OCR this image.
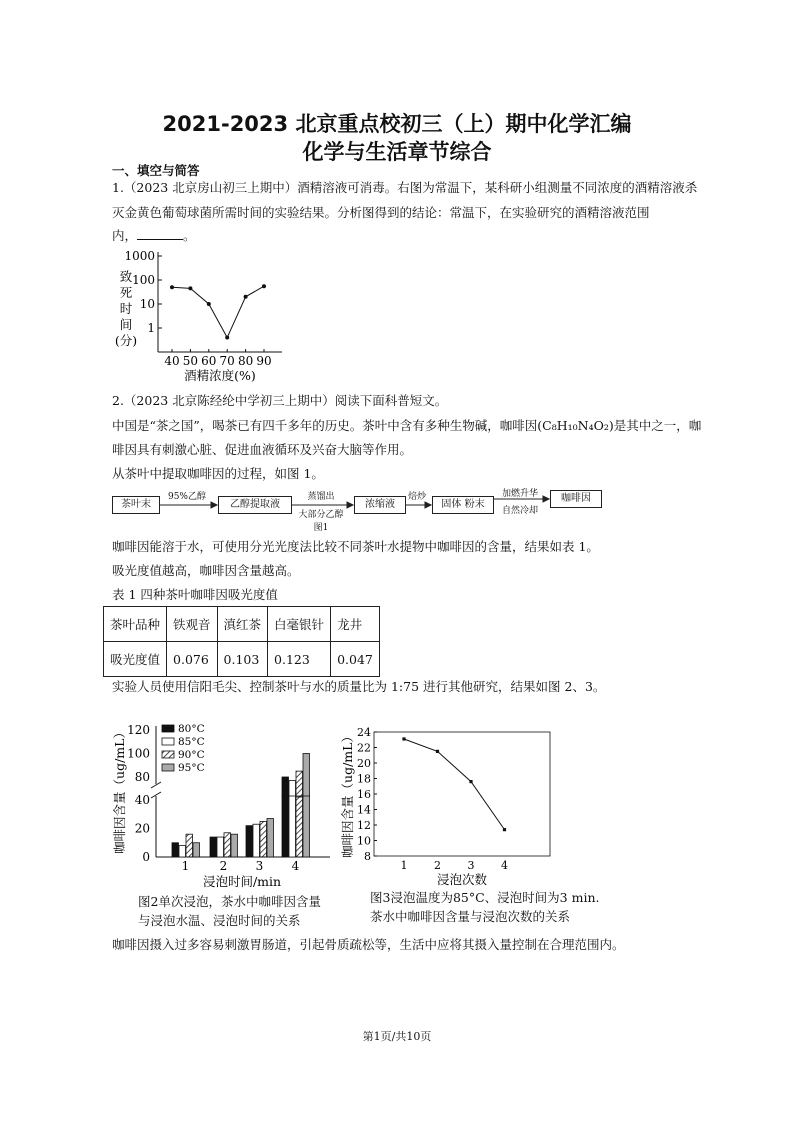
2021-2023 北京重点校初三（上）期中化学汇编
化学与生活章节综合
一、填空与简答
1.（2023 北京房山初三上期中）酒精溶液可消毒。右图为常温下，某科研小组测量不同浓度的酒精溶液杀
灭金黄色葡萄球菌所需时间的实验结果。分析图得到的结论：常温下，在实验研究的酒精溶液范围
内，	。
1000
100
10
1
致
死
时
间
(分)
40 50 60 70 80 90
酒精浓度(%)
2.（2023 北京陈经纶中学初三上期中）阅读下面科普短文。
中国是“茶之国”，喝茶已有四千多年的历史。茶叶中含有多种生物碱，咖啡因(C₈H₁₀N₄O₂)是其中之一，咖
啡因具有刺激心脏、促进血液循环及兴奋大脑等作用。
从茶叶中提取咖啡因的过程，如图 1。
茶叶末	乙醇提取液	浓缩液	固体 粉末
咖啡因
95%乙醇	蒸馏出
大部分乙醇
焙炒	加燃升华
自然冷却
图1
咖啡因能溶于水，可使用分光光度法比较不同茶叶水提物中咖啡因的含量，结果如表 1。
吸光度值越高，咖啡因含量越高。
表 1 四种茶叶咖啡因吸光度值
茶叶品种	铁观音	滇红茶	白毫银针	龙井
吸光度值	0.076	0.103	0.123	0.047
实验人员使用信阳毛尖、控制茶叶与水的质量比为 1:75 进行其他研究，结果如图 2、3。
0
20
40
80
100
120
咖啡因含量（ug/mL）
1	2 3 4
浸泡时间/min
80°C
85°C
90°C
95°C
图2单次浸泡，茶水中咖啡因含量
与浸泡水温、浸泡时间的关系
8
10
12
14
16
18
20
22
24
咖啡因含量（ug/mL）
1 2 3 4
浸泡次数
图3浸泡温度为85°C、浸泡时间为3 min.
茶水中咖啡因含量与浸泡次数的关系
咖啡因摄入过多容易刺激胃肠道，引起骨质疏松等，生活中应将其摄入量控制在合理范围内。
第1页/共10页
